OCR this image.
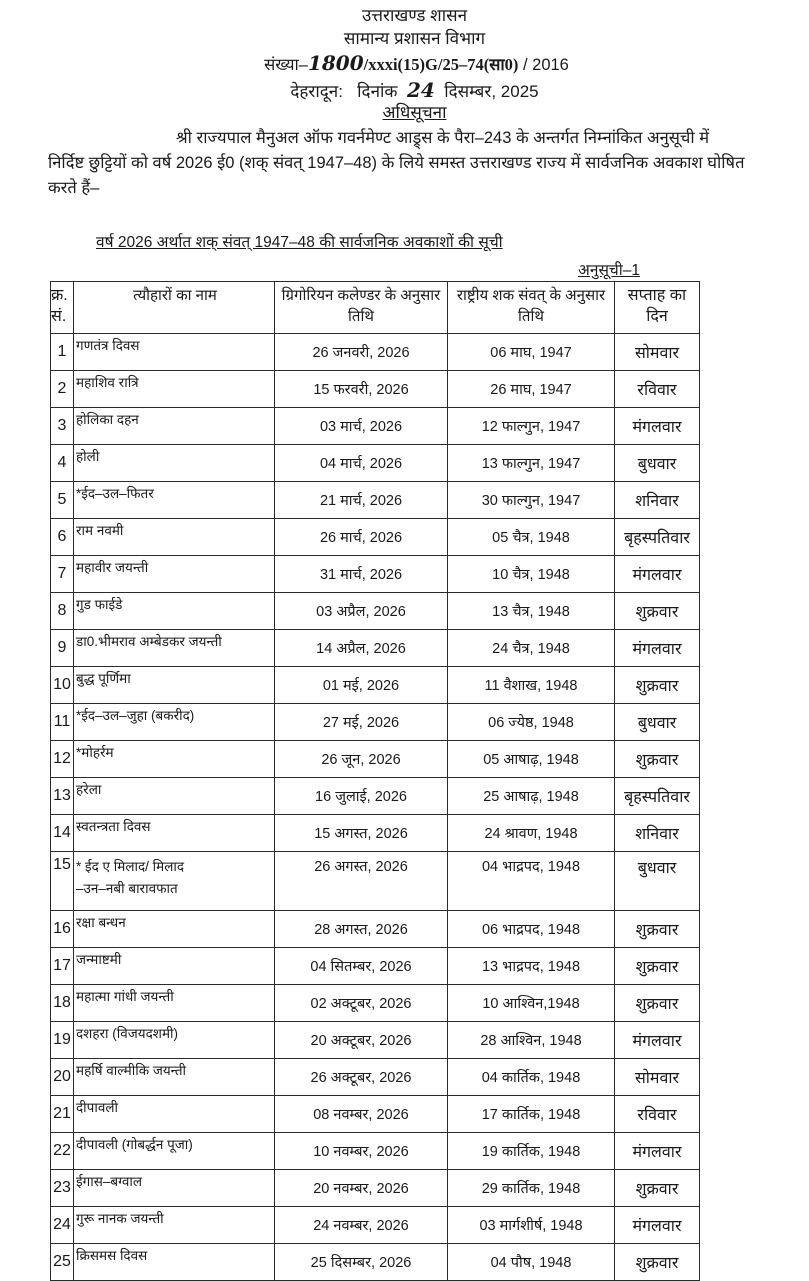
उत्तराखण्ड शासन
सामान्य प्रशासन विभाग
संख्या–1800/xxxi(15)G/25–74(सा0) / 2016
देहरादून: दिनांक 24 दिसम्बर, 2025
अधिसूचना
श्री राज्यपाल मैनुअल ऑफ गवर्नमेण्ट आड्र्स के पैरा–243 के अन्तर्गत निम्नांकित अनुसूची में निर्दिष्ट छुट्टियों को वर्ष 2026 ई0 (शक् संवत् 1947–48) के लिये समस्त उत्तराखण्ड राज्य में सार्वजनिक अवकाश घोषित करते हैं–
वर्ष 2026 अर्थात शक् संवत् 1947–48 की सार्वजनिक अवकाशों की सूची
अनुसूची–1
क्र. सं.	त्यौहारों का नाम	ग्रिगोरियन कलेण्डर के अनुसार तिथि	राष्ट्रीय शक संवत् के अनुसार तिथि	सप्ताह का दिन
1	गणतंत्र दिवस	26 जनवरी, 2026	06 माघ, 1947	सोमवार
2	महाशिव रात्रि	15 फरवरी, 2026	26 माघ, 1947	रविवार
3	होलिका दहन	03 मार्च, 2026	12 फाल्गुन, 1947	मंगलवार
4	होली	04 मार्च, 2026	13 फाल्गुन, 1947	बुधवार
5	*ईद–उल–फितर	21 मार्च, 2026	30 फाल्गुन, 1947	शनिवार
6	राम नवमी	26 मार्च, 2026	05 चैत्र, 1948	बृहस्पतिवार
7	महावीर जयन्ती	31 मार्च, 2026	10 चैत्र, 1948	मंगलवार
8	गुड फाईडे	03 अप्रैल, 2026	13 चैत्र, 1948	शुक्रवार
9	डा0.भीमराव अम्बेडकर जयन्ती	14 अप्रैल, 2026	24 चैत्र, 1948	मंगलवार
10	बुद्ध पूर्णिमा	01 मई, 2026	11 वैशाख, 1948	शुक्रवार
11	*ईद–उल–जुहा (बकरीद)	27 मई, 2026	06 ज्येष्ठ, 1948	बुधवार
12	*मोहर्रम	26 जून, 2026	05 आषाढ़, 1948	शुक्रवार
13	हरेला	16 जुलाई, 2026	25 आषाढ़, 1948	बृहस्पतिवार
14	स्वतन्त्रता दिवस	15 अगस्त, 2026	24 श्रावण, 1948	शनिवार
15	* ईद ए मिलाद/ मिलाद
–उन–नबी बारावफात	26 अगस्त, 2026	04 भाद्रपद, 1948	बुधवार
16	रक्षा बन्धन	28 अगस्त, 2026	06 भाद्रपद, 1948	शुक्रवार
17	जन्माष्टमी	04 सितम्बर, 2026	13 भाद्रपद, 1948	शुक्रवार
18	महात्मा गांधी जयन्ती	02 अक्टूबर, 2026	10 आश्विन,1948	शुक्रवार
19	दशहरा (विजयदशमी)	20 अक्टूबर, 2026	28 आश्विन, 1948	मंगलवार
20	महर्षि वाल्मीकि जयन्ती	26 अक्टूबर, 2026	04 कार्तिक, 1948	सोमवार
21	दीपावली	08 नवम्बर, 2026	17 कार्तिक, 1948	रविवार
22	दीपावली (गोबर्द्धन पूजा)	10 नवम्बर, 2026	19 कार्तिक, 1948	मंगलवार
23	ईगास–बग्वाल	20 नवम्बर, 2026	29 कार्तिक, 1948	शुक्रवार
24	गुरू नानक जयन्ती	24 नवम्बर, 2026	03 मार्गशीर्ष, 1948	मंगलवार
25	क्रिसमस दिवस	25 दिसम्बर, 2026	04 पौष, 1948	शुक्रवार
